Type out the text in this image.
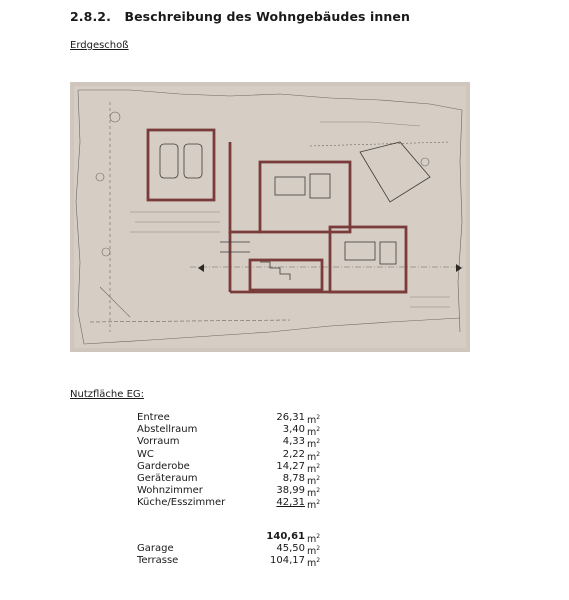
2.8.2. Beschreibung des Wohngebäudes innen
Erdgeschoß
Nutzfläche EG:
Entree	26,31 $m^2$
Abstellraum	3,40 $m^2$
Vorraum	4,33 $m^2$
WC	2,22 $m^2$
Garderobe	14,27 $m^2$
Geräteraum	8,78 $m^2$
Wohnzimmer	38,99 $m^2$
Küche/Esszimmer	42,31 $m^2$
140,61 $m^2$
Garage	45,50 $m^2$
Terrasse	104,17 $m^2$
